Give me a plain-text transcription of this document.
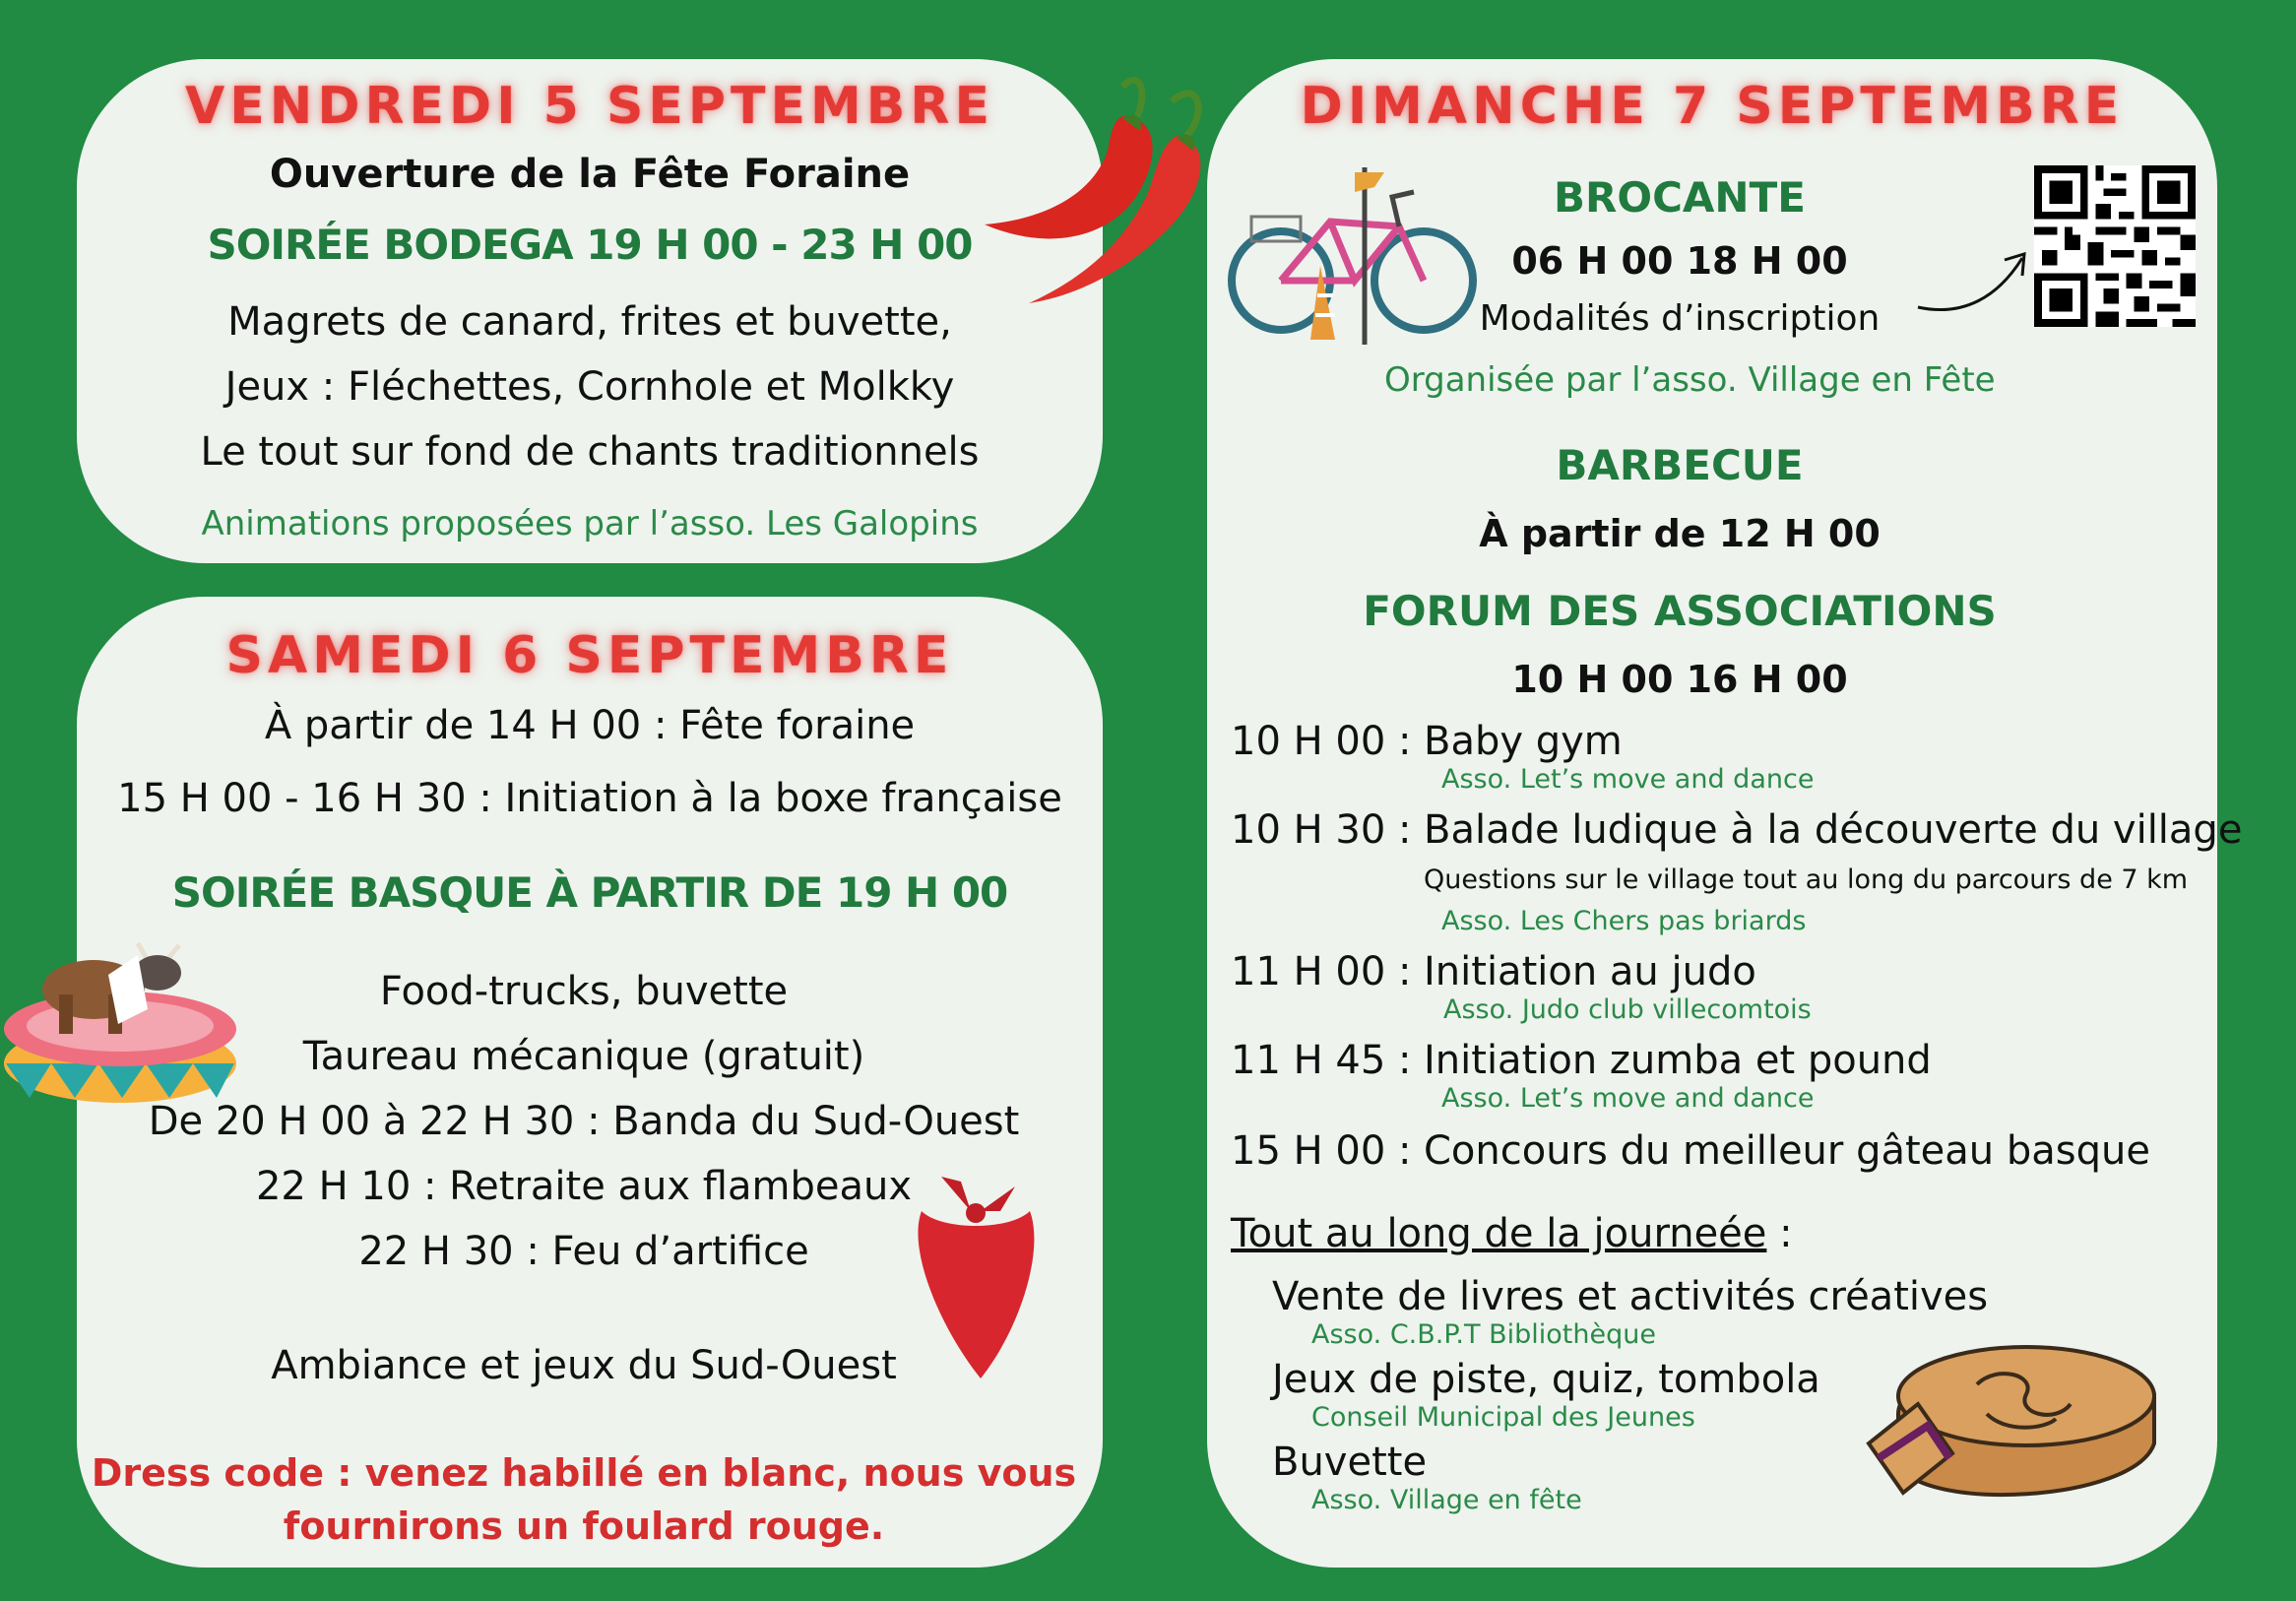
VENDREDI 5 SEPTEMBRE
Ouverture de la Fête Foraine
SOIRÉE BODEGA 19 H 00 - 23 H 00
Magrets de canard, frites et buvette,
Jeux : Fléchettes, Cornhole et Molkky
Le tout sur fond de chants traditionnels
Animations proposées par l’asso. Les Galopins
SAMEDI 6 SEPTEMBRE
À partir de 14 H 00 : Fête foraine
15 H 00 - 16 H 30 : Initiation à la boxe française
SOIRÉE BASQUE À PARTIR DE 19 H 00
Food-trucks, buvette
Taureau mécanique (gratuit)
De 20 H 00 à 22 H 30 : Banda du Sud-Ouest
22 H 10 : Retraite aux flambeaux
22 H 30 : Feu d’artifice
Ambiance et jeux du Sud-Ouest
Dress code : venez habillé en blanc, nous vous
fournirons un foulard rouge.
DIMANCHE 7 SEPTEMBRE
BROCANTE
06 H 00 18 H 00
Modalités d’inscription
Organisée par l’asso. Village en Fête
BARBECUE
À partir de 12 H 00
FORUM DES ASSOCIATIONS
10 H 00 16 H 00
10 H 00 : Baby gym
Asso. Let’s move and dance
10 H 30 : Balade ludique à la découverte du village
Questions sur le village tout au long du parcours de 7 km
Asso. Les Chers pas briards
11 H 00 : Initiation au judo
Asso. Judo club villecomtois
11 H 45 : Initiation zumba et pound
Asso. Let’s move and dance
15 H 00 : Concours du meilleur gâteau basque
Tout au long de la journeée :
Vente de livres et activités créatives
Asso. C.B.P.T Bibliothèque
Jeux de piste, quiz, tombola
Conseil Municipal des Jeunes
Buvette
Asso. Village en fête
